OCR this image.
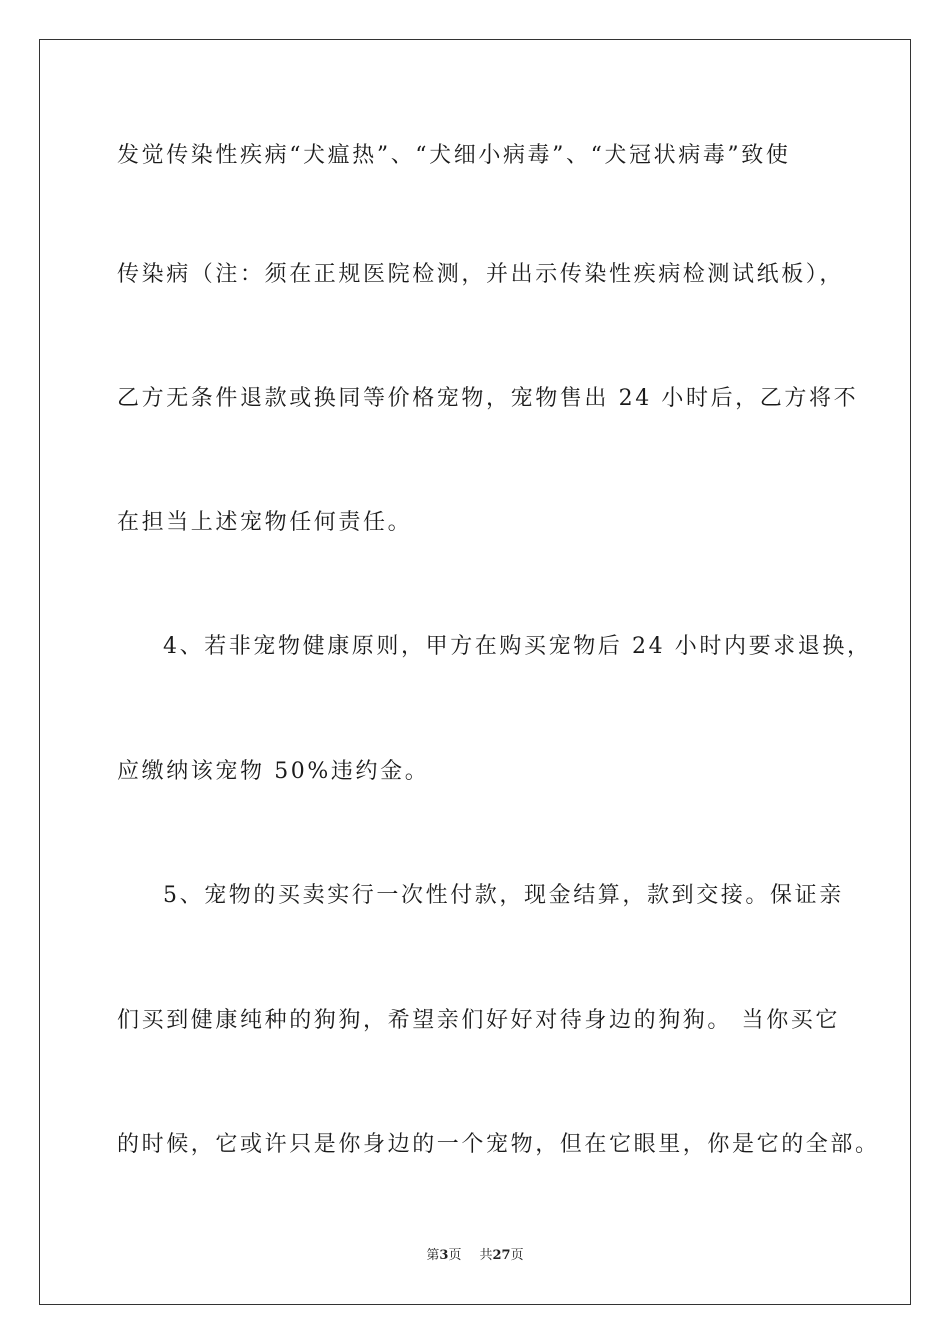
发觉传染性疾病“犬瘟热”、“犬细小病毒”、“犬冠状病毒”致使
传染病（注：须在正规医院检测，并出示传染性疾病检测试纸板），
乙方无条件退款或换同等价格宠物，宠物售出 24 小时后，乙方将不
在担当上述宠物任何责任。
4、若非宠物健康原则，甲方在购买宠物后 24 小时内要求退换，
应缴纳该宠物 50%违约金。
5、宠物的买卖实行一次性付款，现金结算，款到交接。保证亲
们买到健康纯种的狗狗，希望亲们好好对待身边的狗狗。 当你买它
的时候，它或许只是你身边的一个宠物，但在它眼里，你是它的全部。
第3页 共27页
